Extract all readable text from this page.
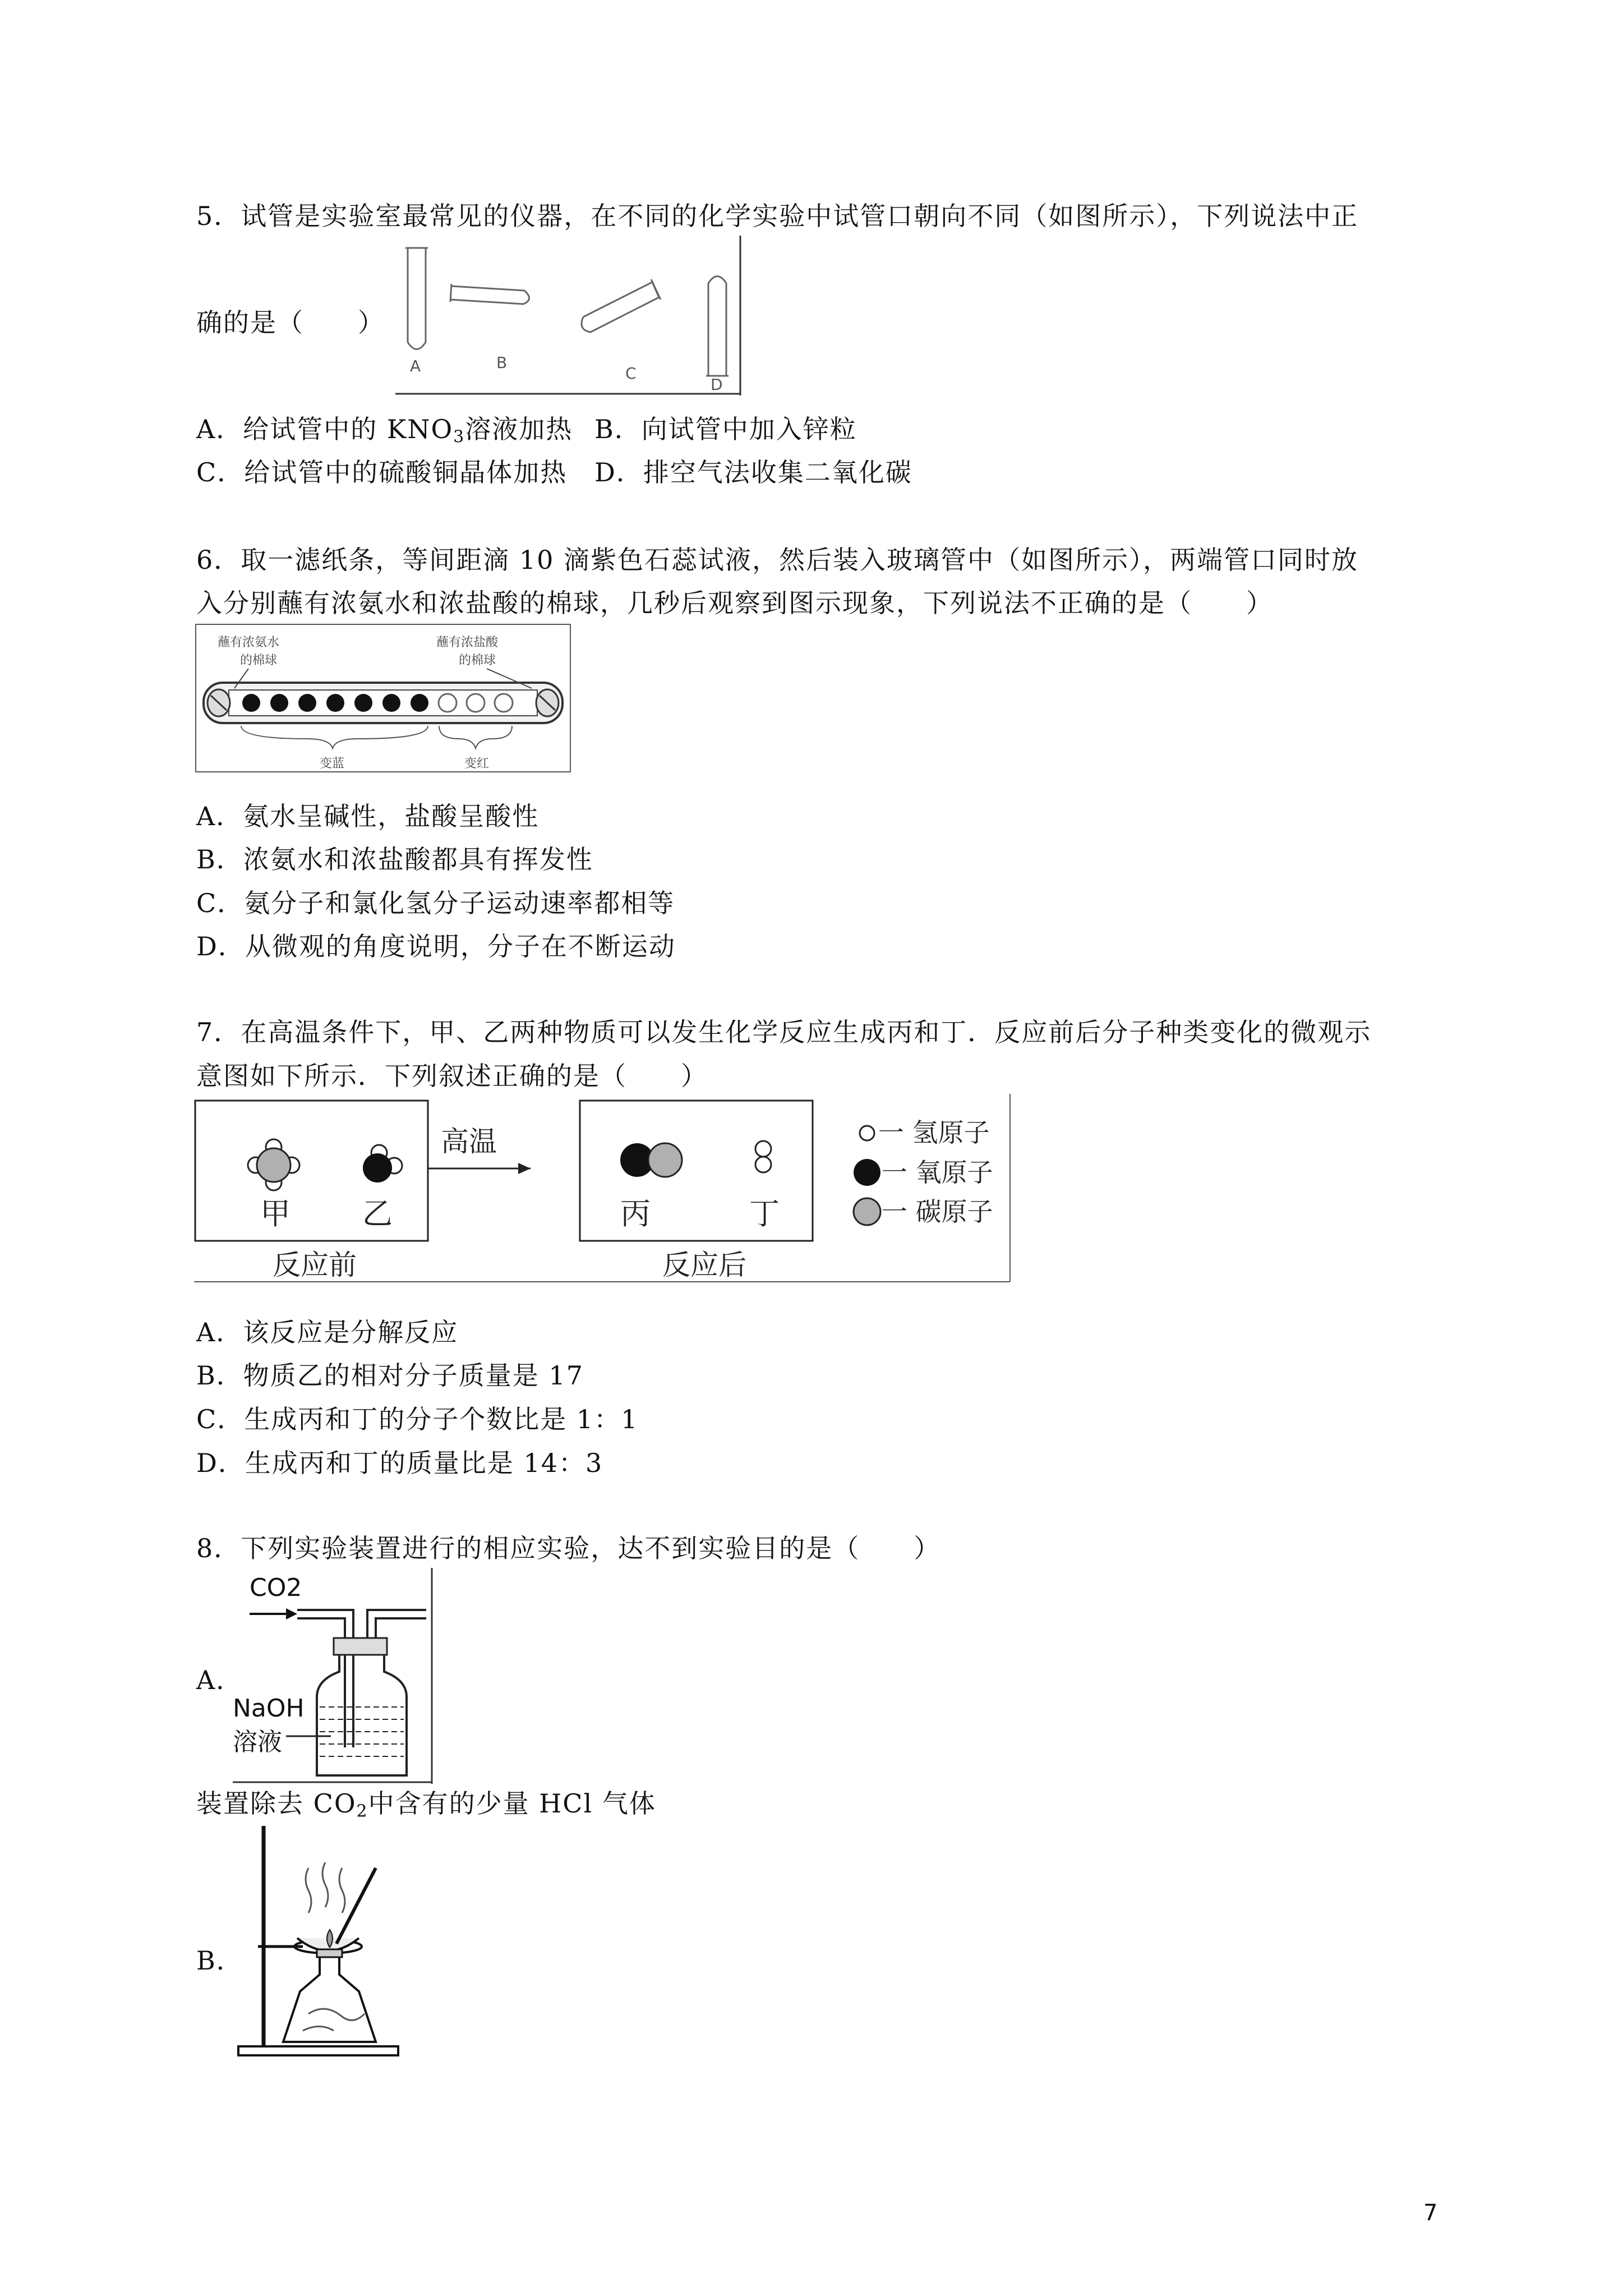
5．试管是实验室最常见的仪器，在不同的化学实验中试管口朝向不同（如图所示），下列说法中正
确的是（　　）
A	B
C
D
A．给试管中的 $KNO_3$溶液加热 B．向试管中加入锌粒
C．给试管中的硫酸铜晶体加热 D．排空气法收集二氧化碳
6．取一滤纸条，等间距滴 10 滴紫色石蕊试液，然后装入玻璃管中（如图所示），两端管口同时放
入分别蘸有浓氨水和浓盐酸的棉球，几秒后观察到图示现象，下列说法不正确的是（　　）
蘸有浓氨水
的棉球
蘸有浓盐酸
的棉球
变蓝	变红
A．氨水呈碱性，盐酸呈酸性
B．浓氨水和浓盐酸都具有挥发性
C．氨分子和氯化氢分子运动速率都相等
D．从微观的角度说明，分子在不断运动
7．在高温条件下，甲、乙两种物质可以发生化学反应生成丙和丁．反应前后分子种类变化的微观示
意图如下所示．下列叙述正确的是（　　）
甲 乙
高温
丙	丁
一 氢原子
一 氧原子
一 碳原子
反应前	反应后
A．该反应是分解反应
B．物质乙的相对分子质量是 17
C．生成丙和丁的分子个数比是 1：1
D．生成丙和丁的质量比是 14：3
8．下列实验装置进行的相应实验，达不到实验目的是（　　）
A．
CO2
NaOH
溶液
装置除去 $CO_2$中含有的少量 HCl 气体
B．
7
